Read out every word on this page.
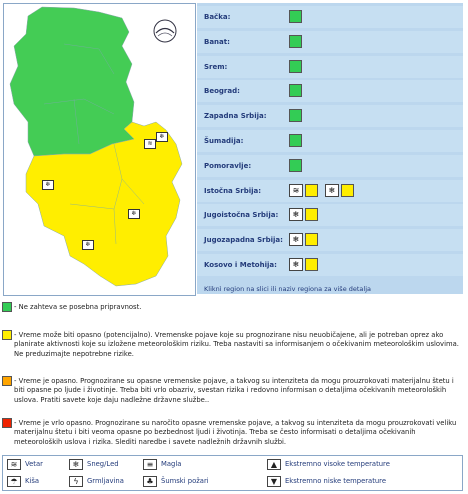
❄
≋
❄
❄
❄
Bačka:
Banat:
Srem:
Beograd:
Zapadna Srbija:
Šumadija:
Pomoravlje:
Istočna Srbija:	≋	❄
Jugoistočna Srbija:	❄
Jugozapadna Srbija:	❄
Kosovo i Metohija:	❄
Kliknì region na slici ili naziv regiona za više detalja
- Ne zahteva se posebna pripravnost.
- Vreme može biti opasno (potencijalno). Vremenske pojave koje su prognozirane nisu neuobičajene, ali je potreban oprez ako planirate aktivnosti koje su izložene meteorološkim riziku. Treba nastaviti sa informisanjem o očekivanim meteorološkim uslovima. Ne preduzimajte nepotrebne rizike.
- Vreme je opasno. Prognozirane su opasne vremenske pojave, a takvog su intenziteta da mogu prouzrokovati materijalnu štetu i biti opasne po ljude i životinje. Treba biti vrlo obazriv, svestan rizika i redovno informisan o detaljima očekivanih meteoroloških uslova. Pratiti savete koje daju nadležne državne službe..
- Vreme je vrlo opasno. Prognozirane su naročito opasne vremenske pojave, a takvog su intenziteta da mogu prouzrokovati veliku materijalnu štetu i biti veoma opasne po bezbednost ljudi i životinja. Treba se često informisati o detaljima očekivanih meteoroloških uslova i rizika. Slediti naredbe i savete nadležnih državnih službi.
≋	Vetar	❄	Sneg/Led	≡	Magla	▲	Ekstremno visoke temperature
☂	Kiša	ϟ	Grmljavina	♣	Šumski požari	▼	Ekstremno niske temperature
